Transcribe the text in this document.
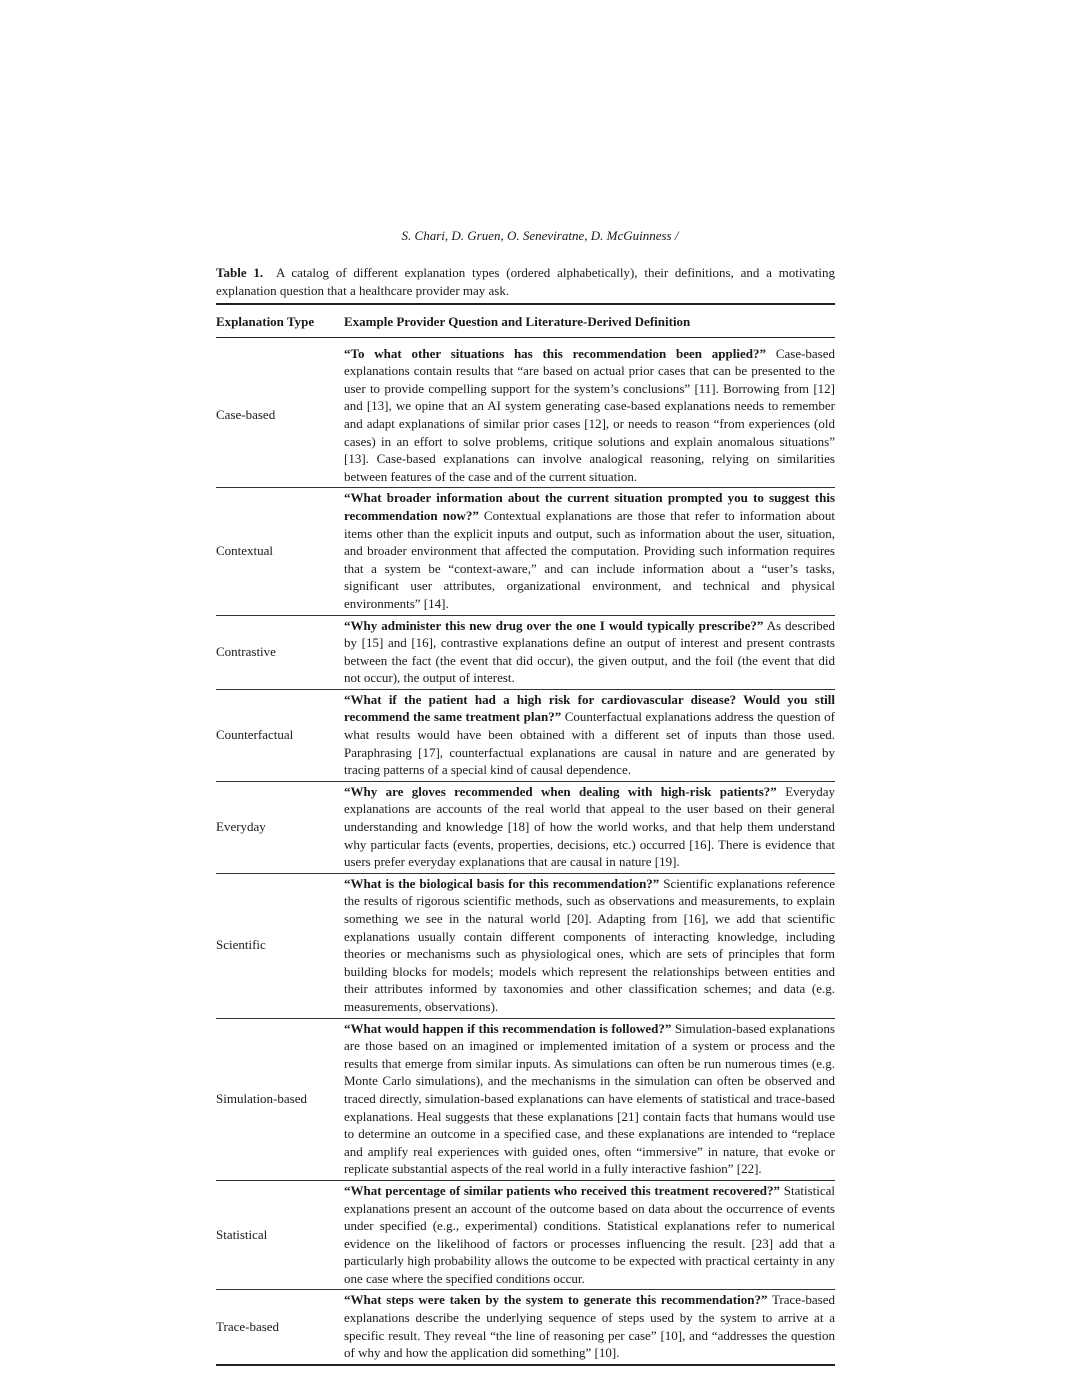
S. Chari, D. Gruen, O. Seneviratne, D. McGuinness /
Table 1. A catalog of different explanation types (ordered alphabetically), their definitions, and a motivating explanation question that a healthcare provider may ask.
Explanation Type	Example Provider Question and Literature-Derived Definition
Case-based	“To what other situations has this recommendation been applied?” Case-based explanations contain results that “are based on actual prior cases that can be presented to the user to provide compelling support for the system’s conclusions” [11]. Borrowing from [12] and [13], we opine that an AI system generating case-based explanations needs to remember and adapt explanations of similar prior cases [12], or needs to reason “from experiences (old cases) in an effort to solve problems, critique solutions and explain anomalous situations” [13]. Case-based explanations can involve analogical reasoning, relying on similarities between features of the case and of the current situation.
Contextual	“What broader information about the current situation prompted you to suggest this recommendation now?” Contextual explanations are those that refer to information about items other than the explicit inputs and output, such as information about the user, situation, and broader environment that affected the computation. Providing such information requires that a system be “context-aware,” and can include information about a “user’s tasks, significant user attributes, organizational environment, and technical and physical environments” [14].
Contrastive	“Why administer this new drug over the one I would typically prescribe?” As described by [15] and [16], contrastive explanations define an output of interest and present contrasts between the fact (the event that did occur), the given output, and the foil (the event that did not occur), the output of interest.
Counterfactual	“What if the patient had a high risk for cardiovascular disease? Would you still recommend the same treatment plan?” Counterfactual explanations address the question of what results would have been obtained with a different set of inputs than those used. Paraphrasing [17], counterfactual explanations are causal in nature and are generated by tracing patterns of a special kind of causal dependence.
Everyday	“Why are gloves recommended when dealing with high-risk patients?” Everyday explanations are accounts of the real world that appeal to the user based on their general understanding and knowledge [18] of how the world works, and that help them understand why particular facts (events, properties, decisions, etc.) occurred [16]. There is evidence that users prefer everyday explanations that are causal in nature [19].
Scientific	“What is the biological basis for this recommendation?” Scientific explanations reference the results of rigorous scientific methods, such as observations and measurements, to explain something we see in the natural world [20]. Adapting from [16], we add that scientific explanations usually contain different components of interacting knowledge, including theories or mechanisms such as physiological ones, which are sets of principles that form building blocks for models; models which represent the relationships between entities and their attributes informed by taxonomies and other classification schemes; and data (e.g. measurements, observations).
Simulation-based	“What would happen if this recommendation is followed?” Simulation-based explanations are those based on an imagined or implemented imitation of a system or process and the results that emerge from similar inputs. As simulations can often be run numerous times (e.g. Monte Carlo simulations), and the mechanisms in the simulation can often be observed and traced directly, simulation-based explanations can have elements of statistical and trace-based explanations. Heal suggests that these explanations [21] contain facts that humans would use to determine an outcome in a specified case, and these explanations are intended to “replace and amplify real experiences with guided ones, often “immersive” in nature, that evoke or replicate substantial aspects of the real world in a fully interactive fashion” [22].
Statistical	“What percentage of similar patients who received this treatment recovered?” Statistical explanations present an account of the outcome based on data about the occurrence of events under specified (e.g., experimental) conditions. Statistical explanations refer to numerical evidence on the likelihood of factors or processes influencing the result. [23] add that a particularly high probability allows the outcome to be expected with practical certainty in any one case where the specified conditions occur.
Trace-based	“What steps were taken by the system to generate this recommendation?” Trace-based explanations describe the underlying sequence of steps used by the system to arrive at a specific result. They reveal “the line of reasoning per case” [10], and “addresses the question of why and how the application did something” [10].
